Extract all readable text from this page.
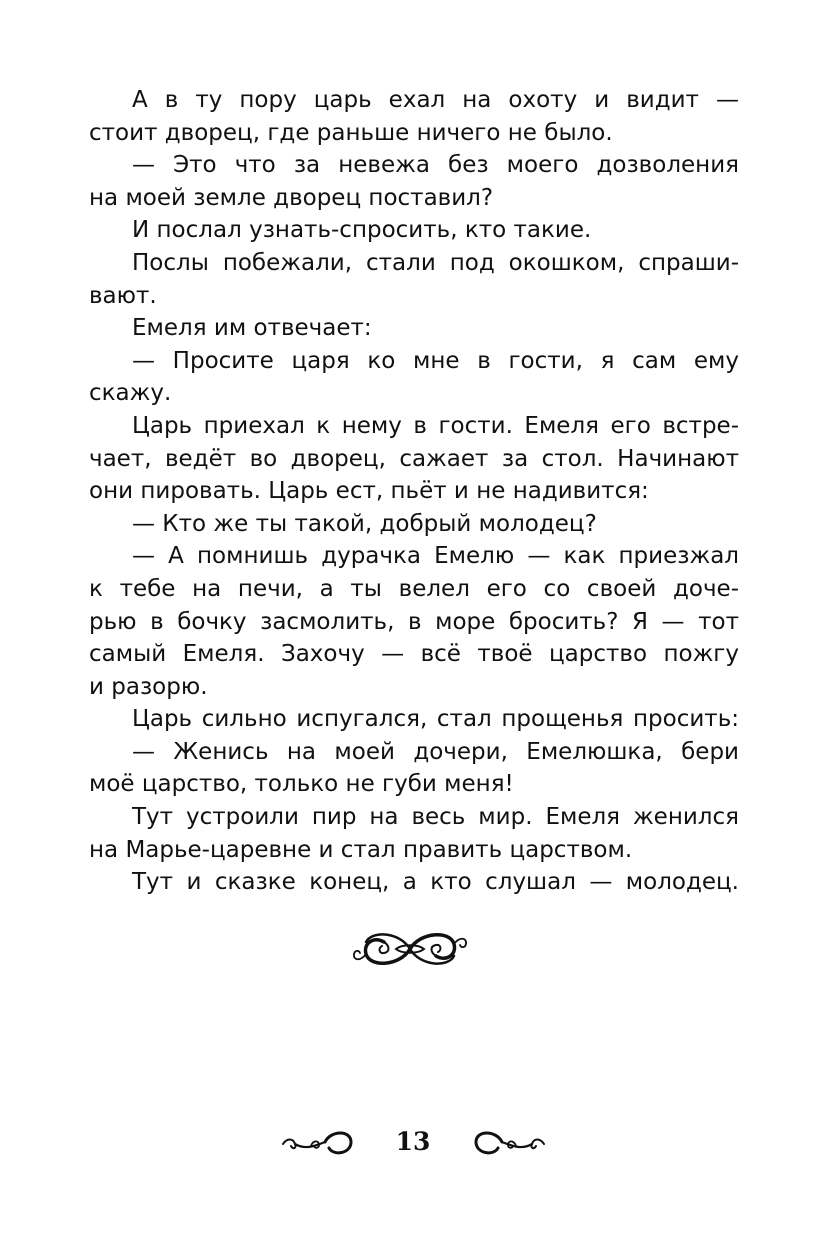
А в ту пору царь ехал на охоту и видит —
стоит дворец, где раньше ничего не было.
— Это что за невежа без моего дозволения
на моей земле дворец поставил?
И послал узнать-спросить, кто такие.
Послы побежали, стали под окошком, спраши-
вают.
Емеля им отвечает:
— Просите царя ко мне в гости, я сам ему
скажу.
Царь приехал к нему в гости. Емеля его встре-
чает, ведёт во дворец, сажает за стол. Начинают
они пировать. Царь ест, пьёт и не надивится:
— Кто же ты такой, добрый молодец?
— А помнишь дурачка Емелю — как приезжал
к тебе на печи, а ты велел его со своей доче-
рью в бочку засмолить, в море бросить? Я — тот
самый Емеля. Захочу — всё твоё царство пожгу
и разорю.
Царь сильно испугался, стал прощенья просить:
— Женись на моей дочери, Емелюшка, бери
моё царство, только не губи меня!
Тут устроили пир на весь мир. Емеля женился
на Марье-царевне и стал править царством.
Тут и сказке конец, а кто слушал — молодец.
13
